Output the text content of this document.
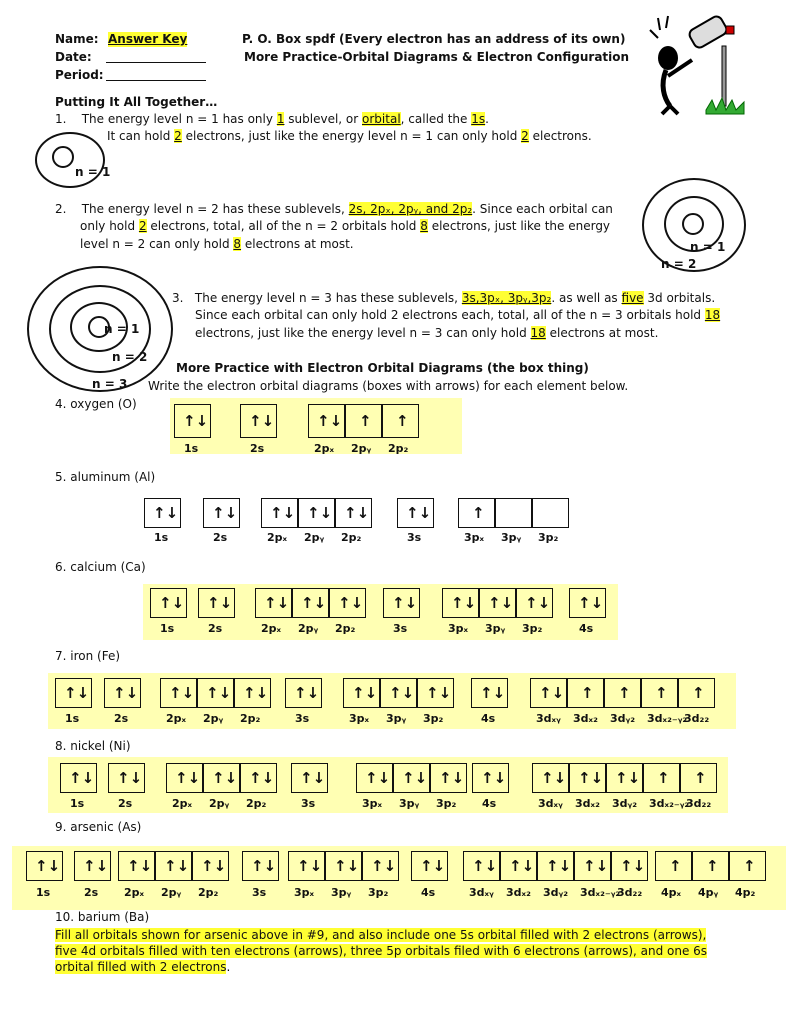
Name: Answer Key
Date:
Period:
P. O. Box spdf (Every electron has an address of its own)
More Practice-Orbital Diagrams & Electron Configuration
Putting It All Together…
1. The energy level n = 1 has only 1 sublevel, or orbital, called the 1s.
It can hold 2 electrons, just like the energy level n = 1 can only hold 2 electrons.
n = 1
2. The energy level n = 2 has these sublevels, 2s, 2pₓ, 2pᵧ, and 2p₂. Since each orbital can
only hold 2 electrons, total, all of the n = 2 orbitals hold 8 electrons, just like the energy
level n = 2 can only hold 8 electrons at most.	n = 1
n = 2
n = 1
n = 2
n = 3
3. The energy level n = 3 has these sublevels, 3s,3pₓ, 3pᵧ,3p₂. as well as five 3d orbitals.
Since each orbital can only hold 2 electrons each, total, all of the n = 3 orbitals hold 18
electrons, just like the energy level n = 3 can only hold 18 electrons at most.
More Practice with Electron Orbital Diagrams (the box thing)
Write the electron orbital diagrams (boxes with arrows) for each element below.
4. oxygen (O)
5. aluminum (Al)
6. calcium (Ca)
7. iron (Fe)
8. nickel (Ni)
9. arsenic (As)
10. barium (Ba)
↑↓
1s
↑↓
2s
↑↓ ↑ ↑
2pₓ 2pᵧ 2p₂
↑↓
1s
↑↓
2s
↑↓ ↑↓ ↑↓
2pₓ 2pᵧ 2p₂
↑↓
3s
↑
3pₓ 3pᵧ 3p₂
↑↓
1s
↑↓
2s
↑↓ ↑↓ ↑↓
2pₓ 2pᵧ 2p₂
↑↓
3s
↑↓ ↑↓ ↑↓
3pₓ 3pᵧ 3p₂
↑↓
4s
↑↓
1s
↑↓
2s
↑↓ ↑↓ ↑↓
2pₓ 2pᵧ 2p₂
↑↓
3s
↑↓ ↑↓ ↑↓
3pₓ 3pᵧ 3p₂
↑↓
4s
↑↓ ↑ ↑ ↑ ↑
3dₓᵧ 3dₓ₂ 3dᵧ₂ 3dₓ₂₋ᵧ₂
3d₂₂
↑↓
1s
↑↓
2s
↑↓ ↑↓ ↑↓
2pₓ 2pᵧ 2p₂
↑↓
3s
↑↓ ↑↓ ↑↓
3pₓ 3pᵧ 3p₂
↑↓
4s
↑↓ ↑↓ ↑↓ ↑ ↑
3dₓᵧ 3dₓ₂ 3dᵧ₂ 3dₓ₂₋ᵧ₂
3d₂₂
↑↓
1s
↑↓
2s
↑↓ ↑↓ ↑↓
2pₓ 2pᵧ 2p₂
↑↓
3s
↑↓ ↑↓ ↑↓
3pₓ 3pᵧ 3p₂
↑↓
4s
↑↓ ↑↓ ↑↓ ↑↓ ↑↓
3dₓᵧ 3dₓ₂ 3dᵧ₂ 3dₓ₂₋ᵧ₂
3d₂₂
↑ ↑ ↑
4pₓ 4pᵧ 4p₂
Fill all orbitals shown for arsenic above in #9, and also include one 5s orbital filled with 2 electrons (arrows),
five 4d orbitals filled with ten electrons (arrows), three 5p orbitals filed with 6 electrons (arrows), and one 6s
orbital filled with 2 electrons.
